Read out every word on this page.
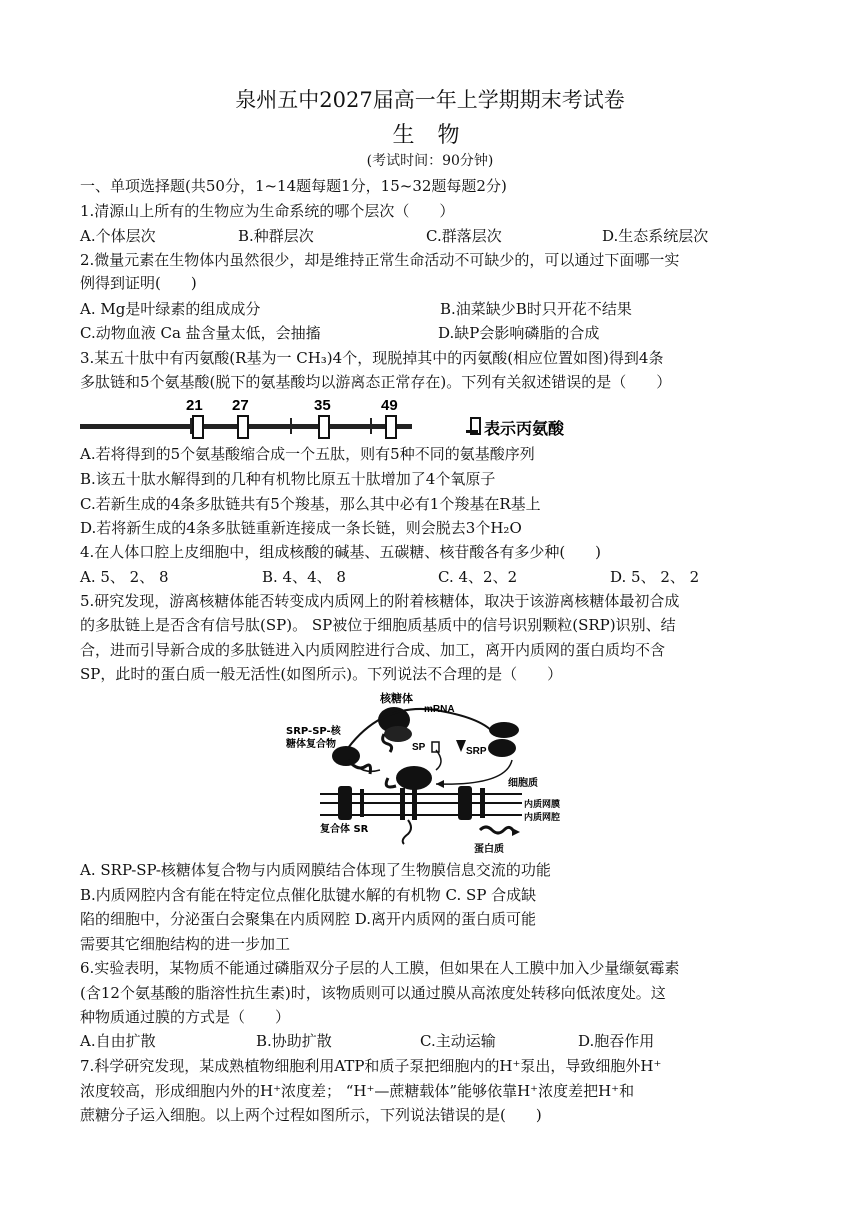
泉州五中2027届高一年上学期期末考试卷
生 物
(考试时间：90分钟)
一、单项选择题(共50分，1~14题每题1分，15~32题每题2分)
1.清源山上所有的生物应为生命系统的哪个层次（　　）
A.个体层次	B.种群层次	C.群落层次	D.生态系统层次
2.微量元素在生物体内虽然很少，却是维持正常生命活动不可缺少的，可以通过下面哪一实
例得到证明(　　)
A. Mg是叶绿素的组成成分	B.油菜缺少B时只开花不结果
C.动物血液 Ca 盐含量太低，会抽搐	D.缺P会影响磷脂的合成
3.某五十肽中有丙氨酸(R基为一 CH₃)4个，现脱掉其中的丙氨酸(相应位置如图)得到4条
多肽链和5个氨基酸(脱下的氨基酸均以游离态正常存在)。下列有关叙述错误的是（　　）
21 27	35	49
表示丙氨酸
A.若将得到的5个氨基酸缩合成一个五肽，则有5种不同的氨基酸序列
B.该五十肽水解得到的几种有机物比原五十肽增加了4个氧原子
C.若新生成的4条多肽链共有5个羧基，那么其中必有1个羧基在R基上
D.若将新生成的4条多肽链重新连接成一条长链，则会脱去3个H₂O
4.在人体口腔上皮细胞中，组成核酸的碱基、五碳糖、核苷酸各有多少种(　　)
A. 5、 2、 8	B. 4、4、 8	C. 4、2、2	D. 5、 2、 2
5.研究发现，游离核糖体能否转变成内质网上的附着核糖体，取决于该游离核糖体最初合成
的多肽链上是否含有信号肽(SP)。 SP被位于细胞质基质中的信号识别颗粒(SRP)识别、结
合，进而引导新合成的多肽链进入内质网腔进行合成、加工，离开内质网的蛋白质均不含
SP，此时的蛋白质一般无活性(如图所示)。下列说法不合理的是（　　）
核糖体
mRNA
SRP-SP-核
糖体复合物	SP	SRP
细胞质
内质网膜
内质网腔
复合体 SR
蛋白质
A. SRP-SP-核糖体复合物与内质网膜结合体现了生物膜信息交流的功能
B.内质网腔内含有能在特定位点催化肽键水解的有机物 C. SP 合成缺
陷的细胞中，分泌蛋白会聚集在内质网腔 D.离开内质网的蛋白质可能
需要其它细胞结构的进一步加工
6.实验表明，某物质不能通过磷脂双分子层的人工膜，但如果在人工膜中加入少量缬氨霉素
(含12个氨基酸的脂溶性抗生素)时，该物质则可以通过膜从高浓度处转移向低浓度处。这
种物质通过膜的方式是（　　）
A.自由扩散	B.协助扩散	C.主动运输	D.胞吞作用
7.科学研究发现，某成熟植物细胞利用ATP和质子泵把细胞内的H⁺泵出，导致细胞外H⁺
浓度较高，形成细胞内外的H⁺浓度差； “H⁺—蔗糖载体”能够依靠H⁺浓度差把H⁺和
蔗糖分子运入细胞。以上两个过程如图所示，下列说法错误的是(　　)
